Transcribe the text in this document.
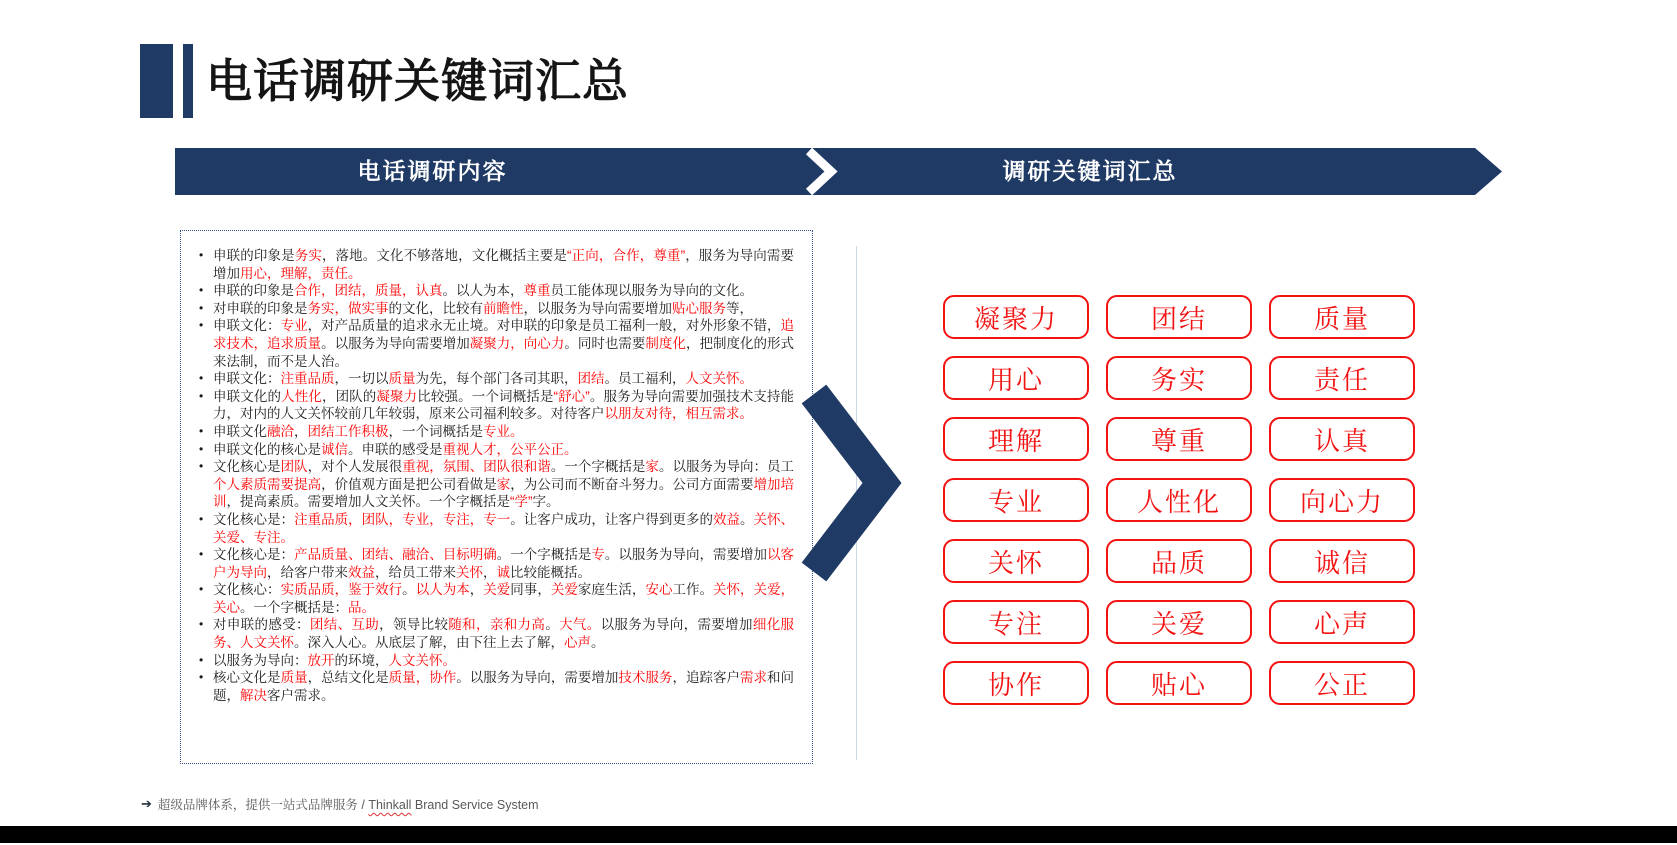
电话调研关键词汇总
电话调研内容	调研关键词汇总
• 申联的印象是务实，落地。文化不够落地，文化概括主要是“正向，合作，尊重”，服务为导向需要增加用心，理解，责任。
• 申联的印象是合作，团结，质量，认真。以人为本，尊重员工能体现以服务为导向的文化。
• 对申联的印象是务实，做实事的文化，比较有前瞻性，以服务为导向需要增加贴心服务等，
• 申联文化：专业，对产品质量的追求永无止境。对申联的印象是员工福利一般，对外形象不错，追求技术，追求质量。以服务为导向需要增加凝聚力，向心力。同时也需要制度化，把制度化的形式来法制，而不是人治。
• 申联文化：注重品质，一切以质量为先，每个部门各司其职，团结。员工福利，人文关怀。
• 申联文化的人性化，团队的凝聚力比较强。一个词概括是“舒心”。服务为导向需要加强技术支持能力，对内的人文关怀较前几年较弱，原来公司福利较多。对待客户以朋友对待，相互需求。
• 申联文化融洽，团结工作积极，一个词概括是专业。
• 申联文化的核心是诚信。申联的感受是重视人才，公平公正。
• 文化核心是团队，对个人发展很重视，氛围、团队很和谐。一个字概括是家。以服务为导向：员工个人素质需要提高，价值观方面是把公司看做是家，为公司而不断奋斗努力。公司方面需要增加培训，提高素质。需要增加人文关怀。一个字概括是“学”字。
• 文化核心是：注重品质，团队，专业，专注，专一。让客户成功，让客户得到更多的效益。关怀、关爱、专注。
• 文化核心是：产品质量、团结、融洽、目标明确。一个字概括是专。以服务为导向，需要增加以客户为导向，给客户带来效益，给员工带来关怀，诚比较能概括。
• 文化核心：实质品质，鉴于效行。以人为本，关爱同事，关爱家庭生活，安心工作。关怀，关爱，关心。一个字概括是：品。
• 对申联的感受：团结、互助，领导比较随和，亲和力高。大气。以服务为导向，需要增加细化服务、人文关怀。深入人心。从底层了解，由下往上去了解，心声。
• 以服务为导向：放开的环境，人文关怀。
• 核心文化是质量，总结文化是质量，协作。以服务为导向，需要增加技术服务，追踪客户需求和问题，解决客户需求。
凝聚力	团结	质量
用心	务实	责任
理解	尊重	认真
专业	人性化	向心力
关怀	品质	诚信
专注	关爱	心声
协作	贴心	公正
➔ 超级品牌体系，提供一站式品牌服务 / Thinkall Brand Service System
